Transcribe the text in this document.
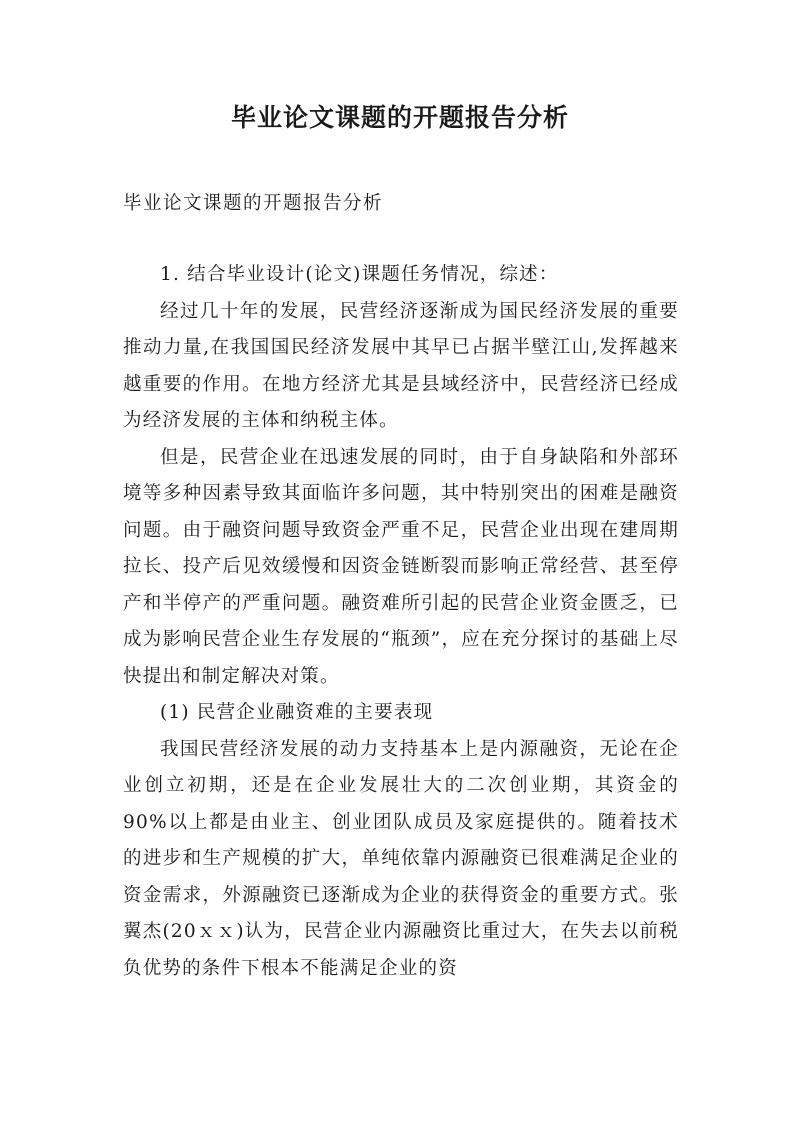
毕业论文课题的开题报告分析

毕业论文课题的开题报告分析

1. 结合毕业设计(论文)课题任务情况，综述：

经过几十年的发展，民营经济逐渐成为国民经济发展的重要推动力量,在我国国民经济发展中其早已占据半壁江山,发挥越来越重要的作用。在地方经济尤其是县域经济中，民营经济已经成为经济发展的主体和纳税主体。

但是，民营企业在迅速发展的同时，由于自身缺陷和外部环境等多种因素导致其面临许多问题，其中特别突出的困难是融资问题。由于融资问题导致资金严重不足，民营企业出现在建周期拉长、投产后见效缓慢和因资金链断裂而影响正常经营、甚至停产和半停产的严重问题。融资难所引起的民营企业资金匮乏，已成为影响民营企业生存发展的“瓶颈”，应在充分探讨的基础上尽快提出和制定解决对策。

(1) 民营企业融资难的主要表现

我国民营经济发展的动力支持基本上是内源融资，无论在企业创立初期，还是在企业发展壮大的二次创业期，其资金的90%以上都是由业主、创业团队成员及家庭提供的。随着技术的进步和生产规模的扩大，单纯依靠内源融资已很难满足企业的资金需求，外源融资已逐渐成为企业的获得资金的重要方式。张翼杰(20ｘｘ)认为，民营企业内源融资比重过大，在失去以前税负优势的条件下根本不能满足企业的资
